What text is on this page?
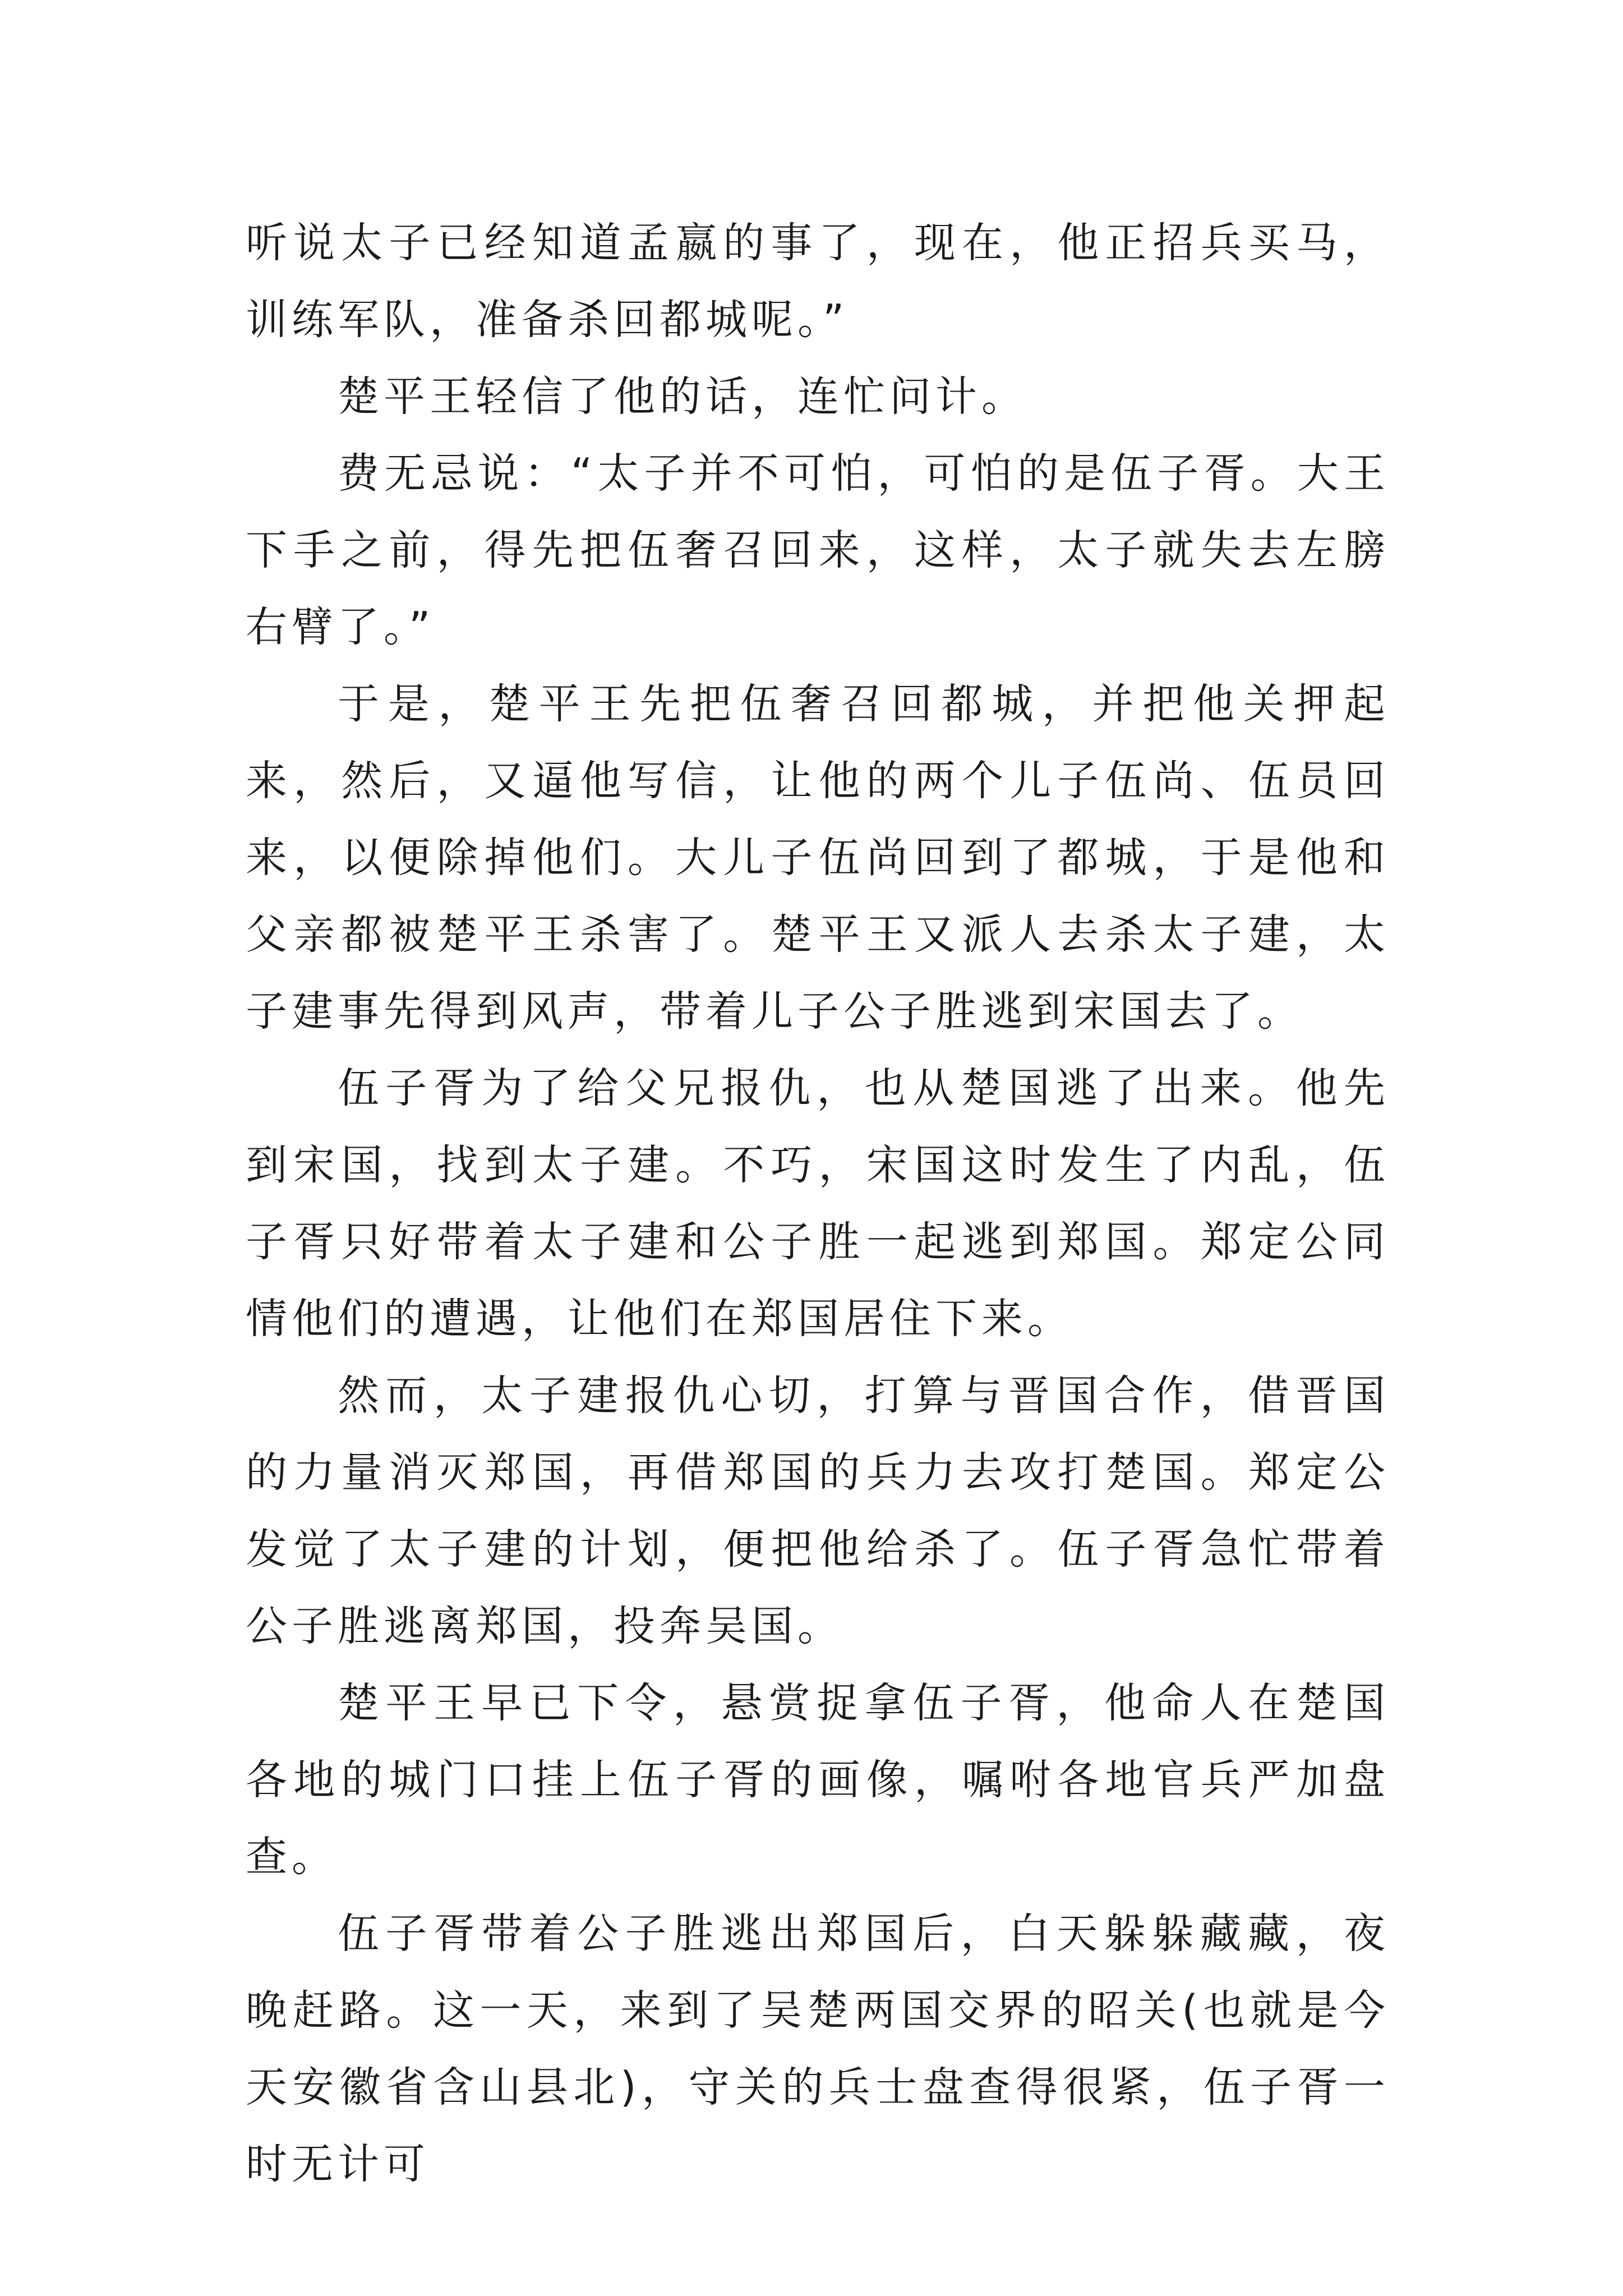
听说太子已经知道孟嬴的事了，现在，他正招兵买马，训练军队，准备杀回都城呢。”

楚平王轻信了他的话，连忙问计。

费无忌说：“太子并不可怕，可怕的是伍子胥。大王下手之前，得先把伍奢召回来，这样，太子就失去左膀右臂了。”

于是，楚平王先把伍奢召回都城，并把他关押起来，然后，又逼他写信，让他的两个儿子伍尚、伍员回来，以便除掉他们。大儿子伍尚回到了都城，于是他和父亲都被楚平王杀害了。楚平王又派人去杀太子建，太子建事先得到风声，带着儿子公子胜逃到宋国去了。

伍子胥为了给父兄报仇，也从楚国逃了出来。他先到宋国，找到太子建。不巧，宋国这时发生了内乱，伍子胥只好带着太子建和公子胜一起逃到郑国。郑定公同情他们的遭遇，让他们在郑国居住下来。

然而，太子建报仇心切，打算与晋国合作，借晋国的力量消灭郑国，再借郑国的兵力去攻打楚国。郑定公发觉了太子建的计划，便把他给杀了。伍子胥急忙带着公子胜逃离郑国，投奔吴国。

楚平王早已下令，悬赏捉拿伍子胥，他命人在楚国各地的城门口挂上伍子胥的画像，嘱咐各地官兵严加盘查。

伍子胥带着公子胜逃出郑国后，白天躲躲藏藏，夜晚赶路。这一天，来到了吴楚两国交界的昭关(也就是今天安徽省含山县北)，守关的兵士盘查得很紧，伍子胥一时无计可
